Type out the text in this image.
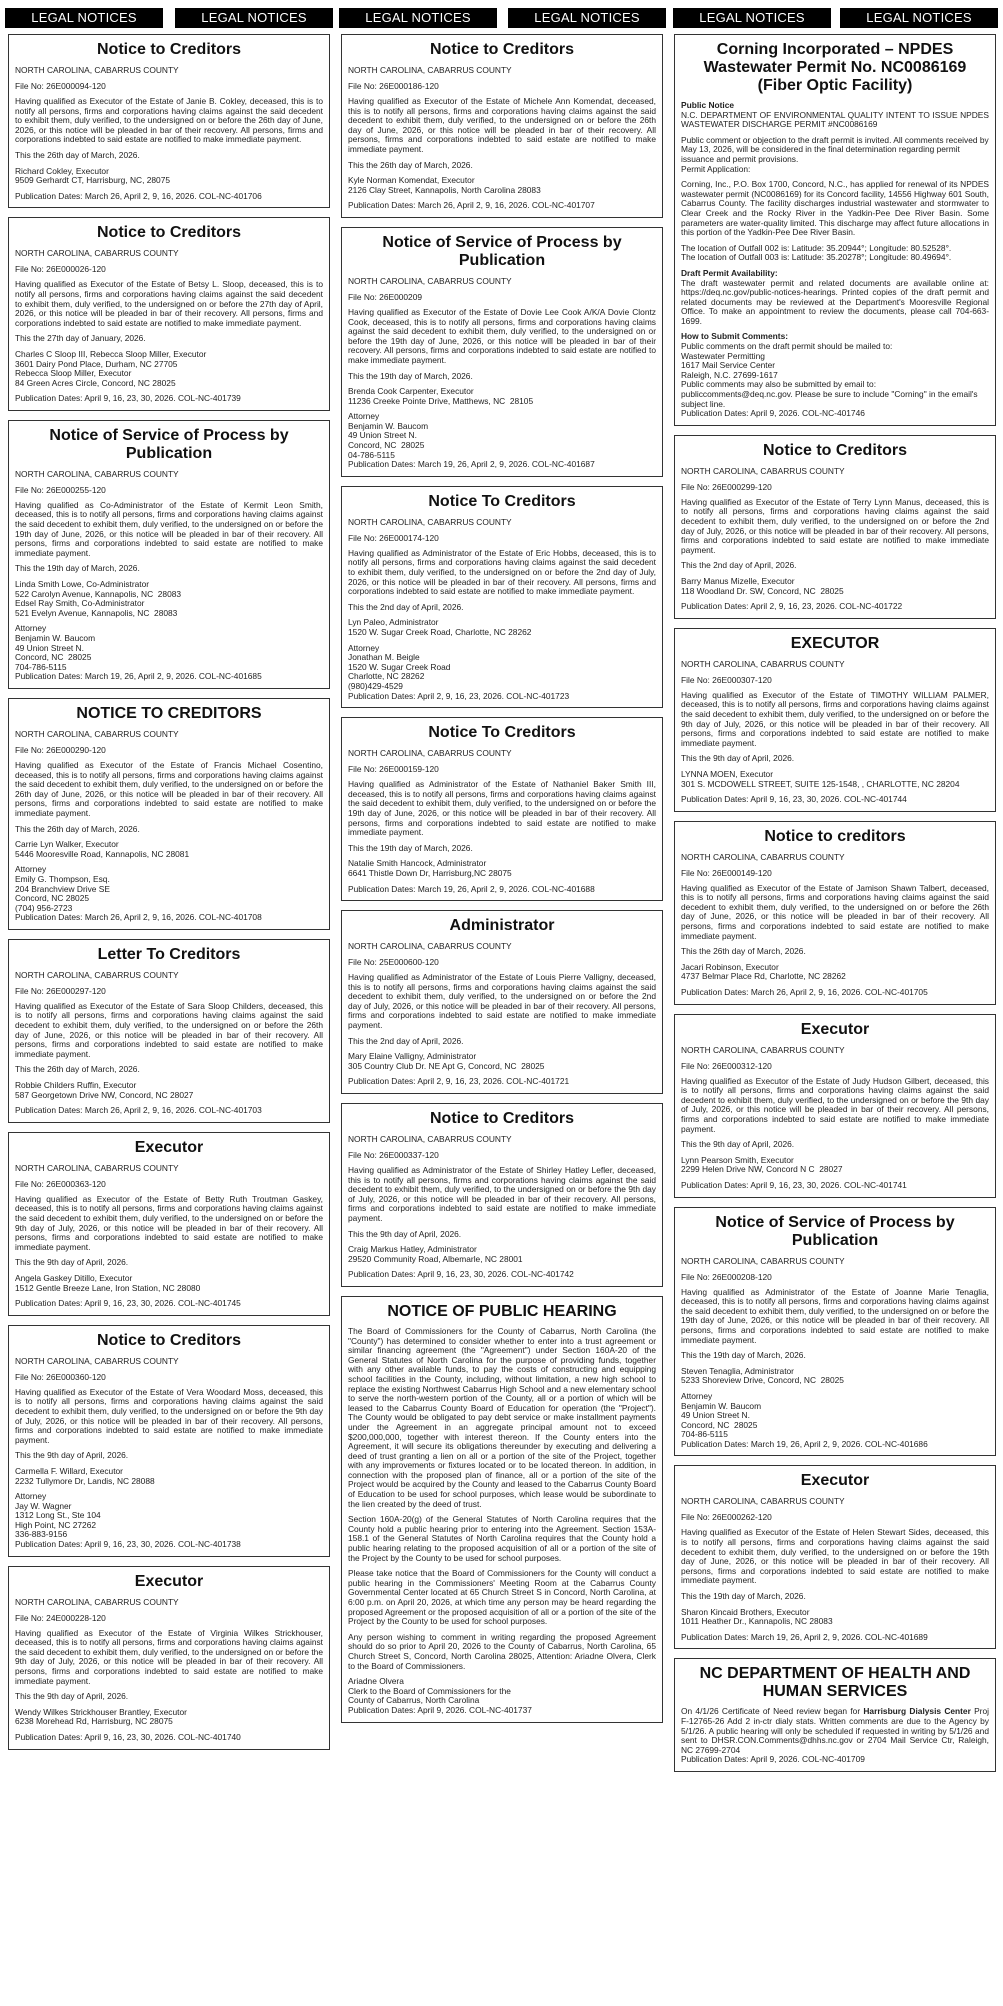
LEGAL NOTICES	LEGAL NOTICES	LEGAL NOTICES	LEGAL NOTICES	LEGAL NOTICES	LEGAL NOTICES
Notice to Creditors
NORTH CAROLINA, CABARRUS COUNTY
File No: 26E000094-120
Having qualified as Executor of the Estate of Janie B. Cokley, deceased, this is to notify all persons, firms and corporations having claims against the said decedent to exhibit them, duly verified, to the undersigned on or before the 26th day of June, 2026, or this notice will be pleaded in bar of their recovery. All persons, firms and corporations indebted to said estate are notified to make immediate payment.
This the 26th day of March, 2026.
Richard Cokley, Executor
9509 Gerhardt CT, Harrisburg, NC, 28075
Publication Dates: March 26, April 2, 9, 16, 2026. COL-NC-401706
Notice to Creditors
NORTH CAROLINA, CABARRUS COUNTY
File No: 26E000026-120
Having qualified as Executor of the Estate of Betsy L. Sloop, deceased, this is to notify all persons, firms and corporations having claims against the said decedent to exhibit them, duly verified, to the undersigned on or before the 27th day of April, 2026, or this notice will be pleaded in bar of their recovery. All persons, firms and corporations indebted to said estate are notified to make immediate payment.
This the 27th day of January, 2026.
Charles C Sloop III, Rebecca Sloop Miller, Executor
3601 Dairy Pond Place, Durham, NC 27705
Rebecca Sloop Miller, Executor
84 Green Acres Circle, Concord, NC 28025
Publication Dates: April 9, 16, 23, 30, 2026. COL-NC-401739
Notice of Service of Process by Publication
NORTH CAROLINA, CABARRUS COUNTY
File No: 26E000255-120
Having qualified as Co-Administrator of the Estate of Kermit Leon Smith, deceased, this is to notify all persons, firms and corporations having claims against the said decedent to exhibit them, duly verified, to the undersigned on or before the 19th day of June, 2026, or this notice will be pleaded in bar of their recovery. All persons, firms and corporations indebted to said estate are notified to make immediate payment.
This the 19th day of March, 2026.
Linda Smith Lowe, Co-Administrator
522 Carolyn Avenue, Kannapolis, NC  28083
Edsel Ray Smith, Co-Administrator
521 Evelyn Avenue, Kannapolis, NC  28083
Attorney
Benjamin W. Baucom
49 Union Street N.
Concord, NC  28025
704-786-5115
Publication Dates: March 19, 26, April 2, 9, 2026. COL-NC-401685
NOTICE TO CREDITORS
NORTH CAROLINA, CABARRUS COUNTY
File No: 26E000290-120
Having qualified as Executor of the Estate of Francis Michael Cosentino, deceased, this is to notify all persons, firms and corporations having claims against the said decedent to exhibit them, duly verified, to the undersigned on or before the 26th day of June, 2026, or this notice will be pleaded in bar of their recovery. All persons, firms and corporations indebted to said estate are notified to make immediate payment.
This the 26th day of March, 2026.
Carrie Lyn Walker, Executor
5446 Mooresville Road, Kannapolis, NC 28081
Attorney
Emily G. Thompson, Esq.
204 Branchview Drive SE
Concord, NC 28025
(704) 956-2723
Publication Dates: March 26, April 2, 9, 16, 2026. COL-NC-401708
Letter To Creditors
NORTH CAROLINA, CABARRUS COUNTY
File No: 26E000297-120
Having qualified as Executor of the Estate of Sara Sloop Childers, deceased, this is to notify all persons, firms and corporations having claims against the said decedent to exhibit them, duly verified, to the undersigned on or before the 26th day of June, 2026, or this notice will be pleaded in bar of their recovery. All persons, firms and corporations indebted to said estate are notified to make immediate payment.
This the 26th day of March, 2026.
Robbie Childers Ruffin, Executor
587 Georgetown Drive NW, Concord, NC 28027
Publication Dates: March 26, April 2, 9, 16, 2026. COL-NC-401703
Executor
NORTH CAROLINA, CABARRUS COUNTY
File No: 26E000363-120
Having qualified as Executor of the Estate of Betty Ruth Troutman Gaskey, deceased, this is to notify all persons, firms and corporations having claims against the said decedent to exhibit them, duly verified, to the undersigned on or before the 9th day of July, 2026, or this notice will be pleaded in bar of their recovery. All persons, firms and corporations indebted to said estate are notified to make immediate payment.
This the 9th day of April, 2026.
Angela Gaskey Ditillo, Executor
1512 Gentle Breeze Lane, Iron Station, NC 28080
Publication Dates: April 9, 16, 23, 30, 2026. COL-NC-401745
Notice to Creditors
NORTH CAROLINA, CABARRUS COUNTY
File No: 26E000360-120
Having qualified as Executor of the Estate of Vera Woodard Moss, deceased, this is to notify all persons, firms and corporations having claims against the said decedent to exhibit them, duly verified, to the undersigned on or before the 9th day of July, 2026, or this notice will be pleaded in bar of their recovery. All persons, firms and corporations indebted to said estate are notified to make immediate payment.
This the 9th day of April, 2026.
Carmella F. Willard, Executor
2232 Tullymore Dr, Landis, NC 28088
Attorney
Jay W. Wagner
1312 Long St., Ste 104
High Point, NC 27262
336-883-9156
Publication Dates: April 9, 16, 23, 30, 2026. COL-NC-401738
Executor
NORTH CAROLINA, CABARRUS COUNTY
File No: 24E000228-120
Having qualified as Executor of the Estate of Virginia Wilkes Strickhouser, deceased, this is to notify all persons, firms and corporations having claims against the said decedent to exhibit them, duly verified, to the undersigned on or before the 9th day of July, 2026, or this notice will be pleaded in bar of their recovery. All persons, firms and corporations indebted to said estate are notified to make immediate payment.
This the 9th day of April, 2026.
Wendy Wilkes Strickhouser Brantley, Executor
6238 Morehead Rd, Harrisburg, NC 28075
Publication Dates: April 9, 16, 23, 30, 2026. COL-NC-401740
Notice to Creditors
NORTH CAROLINA, CABARRUS COUNTY
File No: 26E000186-120
Having qualified as Executor of the Estate of Michele Ann Komendat, deceased, this is to notify all persons, firms and corporations having claims against the said decedent to exhibit them, duly verified, to the undersigned on or before the 26th day of June, 2026, or this notice will be pleaded in bar of their recovery. All persons, firms and corporations indebted to said estate are notified to make immediate payment.
This the 26th day of March, 2026.
Kyle Norman Komendat, Executor
2126 Clay Street, Kannapolis, North Carolina 28083
Publication Dates: March 26, April 2, 9, 16, 2026. COL-NC-401707
Notice of Service of Process by Publication
NORTH CAROLINA, CABARRUS COUNTY
File No: 26E000209
Having qualified as Executor of the Estate of Dovie Lee Cook A/K/A Dovie Clontz Cook, deceased, this is to notify all persons, firms and corporations having claims against the said decedent to exhibit them, duly verified, to the undersigned on or before the 19th day of June, 2026, or this notice will be pleaded in bar of their recovery. All persons, firms and corporations indebted to said estate are notified to make immediate payment.
This the 19th day of March, 2026.
Brenda Cook Carpenter, Executor
11236 Creeke Pointe Drive, Matthews, NC  28105
Attorney
Benjamin W. Baucom
49 Union Street N.
Concord, NC  28025
04-786-5115
Publication Dates: March 19, 26, April 2, 9, 2026. COL-NC-401687
Notice To Creditors
NORTH CAROLINA, CABARRUS COUNTY
File No: 26E000174-120
Having qualified as Administrator of the Estate of Eric Hobbs, deceased, this is to notify all persons, firms and corporations having claims against the said decedent to exhibit them, duly verified, to the undersigned on or before the 2nd day of July, 2026, or this notice will be pleaded in bar of their recovery. All persons, firms and corporations indebted to said estate are notified to make immediate payment.
This the 2nd day of April, 2026.
Lyn Paleo, Administrator
1520 W. Sugar Creek Road, Charlotte, NC 28262
Attorney
Jonathan M. Beigle
1520 W. Sugar Creek Road
Charlotte, NC 28262
(980)429-4529
Publication Dates: April 2, 9, 16, 23, 2026. COL-NC-401723
Notice To Creditors
NORTH CAROLINA, CABARRUS COUNTY
File No: 26E000159-120
Having qualified as Administrator of the Estate of Nathaniel Baker Smith III, deceased, this is to notify all persons, firms and corporations having claims against the said decedent to exhibit them, duly verified, to the undersigned on or before the 19th day of June, 2026, or this notice will be pleaded in bar of their recovery. All persons, firms and corporations indebted to said estate are notified to make immediate payment.
This the 19th day of March, 2026.
Natalie Smith Hancock, Administrator
6641 Thistle Down Dr, Harrisburg,NC 28075
Publication Dates: March 19, 26, April 2, 9, 2026. COL-NC-401688
Administrator
NORTH CAROLINA, CABARRUS COUNTY
File No: 25E000600-120
Having qualified as Administrator of the Estate of Louis Pierre Valligny, deceased, this is to notify all persons, firms and corporations having claims against the said decedent to exhibit them, duly verified, to the undersigned on or before the 2nd day of July, 2026, or this notice will be pleaded in bar of their recovery. All persons, firms and corporations indebted to said estate are notified to make immediate payment.
This the 2nd day of April, 2026.
Mary Elaine Valligny, Administrator
305 Country Club Dr. NE Apt G, Concord, NC  28025
Publication Dates: April 2, 9, 16, 23, 2026. COL-NC-401721
Notice to Creditors
NORTH CAROLINA, CABARRUS COUNTY
File No: 26E000337-120
Having qualified as Administrator of the Estate of Shirley Hatley Lefler, deceased, this is to notify all persons, firms and corporations having claims against the said decedent to exhibit them, duly verified, to the undersigned on or before the 9th day of July, 2026, or this notice will be pleaded in bar of their recovery. All persons, firms and corporations indebted to said estate are notified to make immediate payment.
This the 9th day of April, 2026.
Craig Markus Hatley, Administrator
29520 Community Road, Albemarle, NC 28001
Publication Dates: April 9, 16, 23, 30, 2026. COL-NC-401742
NOTICE OF PUBLIC HEARING
The Board of Commissioners for the County of Cabarrus, North Carolina (the "County") has determined to consider whether to enter into a trust agreement or similar financing agreement (the "Agreement") under Section 160A-20 of the General Statutes of North Carolina for the purpose of providing funds, together with any other available funds, to pay the costs of constructing and equipping school facilities in the County, including, without limitation, a new high school to replace the existing Northwest Cabarrus High School and a new elementary school to serve the north-western portion of the County, all or a portion of which will be leased to the Cabarrus County Board of Education for operation (the "Project"). The County would be obligated to pay debt service or make installment payments under the Agreement in an aggregate principal amount not to exceed $200,000,000, together with interest thereon. If the County enters into the Agreement, it will secure its obligations thereunder by executing and delivering a deed of trust granting a lien on all or a portion of the site of the Project, together with any improvements or fixtures located or to be located thereon. In addition, in connection with the proposed plan of finance, all or a portion of the site of the Project would be acquired by the County and leased to the Cabarrus County Board of Education to be used for school purposes, which lease would be subordinate to the lien created by the deed of trust.
Section 160A-20(g) of the General Statutes of North Carolina requires that the County hold a public hearing prior to entering into the Agreement. Section 153A-158.1 of the General Statutes of North Carolina requires that the County hold a public hearing relating to the proposed acquisition of all or a portion of the site of the Project by the County to be used for school purposes.
Please take notice that the Board of Commissioners for the County will conduct a public hearing in the Commissioners' Meeting Room at the Cabarrus County Governmental Center located at 65 Church Street S in Concord, North Carolina, at 6:00 p.m. on April 20, 2026, at which time any person may be heard regarding the proposed Agreement or the proposed acquisition of all or a portion of the site of the Project by the County to be used for school purposes.
Any person wishing to comment in writing regarding the proposed Agreement should do so prior to April 20, 2026 to the County of Cabarrus, North Carolina, 65 Church Street S, Concord, North Carolina 28025, Attention: Ariadne Olvera, Clerk to the Board of Commissioners.
Ariadne Olvera
Clerk to the Board of Commissioners for the
County of Cabarrus, North Carolina
Publication Dates: April 9, 2026. COL-NC-401737
Corning Incorporated – NPDES Wastewater Permit No. NC0086169 (Fiber Optic Facility)
Public Notice
N.C. DEPARTMENT OF ENVIRONMENTAL QUALITY INTENT TO ISSUE NPDES WASTEWATER DISCHARGE PERMIT #NC0086169
Public comment or objection to the draft permit is invited. All comments received by May 13, 2026, will be considered in the final determination regarding permit issuance and permit provisions.
Permit Application:
Corning, Inc., P.O. Box 1700, Concord, N.C., has applied for renewal of its NPDES wastewater permit (NC0086169) for its Concord facility, 14556 Highway 601 South, Cabarrus County. The facility discharges industrial wastewater and stormwater to Clear Creek and the Rocky River in the Yadkin-Pee Dee River Basin. Some parameters are water-quality limited. This discharge may affect future allocations in this portion of the Yadkin-Pee Dee River Basin.
The location of Outfall 002 is: Latitude: 35.20944°; Longitude: 80.52528°.
The location of Outfall 003 is: Latitude: 35.20278°; Longitude: 80.49694°.
Draft Permit Availability:
The draft wastewater permit and related documents are available online at: https://deq.nc.gov/public-notices-hearings. Printed copies of the draft permit and related documents may be reviewed at the Department's Mooresville Regional Office. To make an appointment to review the documents, please call 704-663-1699.
How to Submit Comments:
Public comments on the draft permit should be mailed to:
Wastewater Permitting
1617 Mail Service Center
Raleigh, N.C. 27699-1617
Public comments may also be submitted by email to: publiccomments@deq.nc.gov. Please be sure to include "Corning" in the email's subject line.
Publication Dates: April 9, 2026. COL-NC-401746
Notice to Creditors
NORTH CAROLINA, CABARRUS COUNTY
File No: 26E000299-120
Having qualified as Executor of the Estate of Terry Lynn Manus, deceased, this is to notify all persons, firms and corporations having claims against the said decedent to exhibit them, duly verified, to the undersigned on or before the 2nd day of July, 2026, or this notice will be pleaded in bar of their recovery. All persons, firms and corporations indebted to said estate are notified to make immediate payment.
This the 2nd day of April, 2026.
Barry Manus Mizelle, Executor
118 Woodland Dr. SW, Concord, NC  28025
Publication Dates: April 2, 9, 16, 23, 2026. COL-NC-401722
EXECUTOR
NORTH CAROLINA, CABARRUS COUNTY
File No: 26E000307-120
Having qualified as Executor of the Estate of TIMOTHY WILLIAM PALMER, deceased, this is to notify all persons, firms and corporations having claims against the said decedent to exhibit them, duly verified, to the undersigned on or before the 9th day of July, 2026, or this notice will be pleaded in bar of their recovery. All persons, firms and corporations indebted to said estate are notified to make immediate payment.
This the 9th day of April, 2026.
LYNNA MOEN, Executor
301 S. MCDOWELL STREET, SUITE 125-1548, , CHARLOTTE, NC 28204
Publication Dates: April 9, 16, 23, 30, 2026. COL-NC-401744
Notice to creditors
NORTH CAROLINA, CABARRUS COUNTY
File No: 26E000149-120
Having qualified as Executor of the Estate of Jamison Shawn Talbert, deceased, this is to notify all persons, firms and corporations having claims against the said decedent to exhibit them, duly verified, to the undersigned on or before the 26th day of June, 2026, or this notice will be pleaded in bar of their recovery. All persons, firms and corporations indebted to said estate are notified to make immediate payment.
This the 26th day of March, 2026.
Jacari Robinson, Executor
4737 Belmar Place Rd, Charlotte, NC 28262
Publication Dates: March 26, April 2, 9, 16, 2026. COL-NC-401705
Executor
NORTH CAROLINA, CABARRUS COUNTY
File No: 26E000312-120
Having qualified as Executor of the Estate of Judy Hudson Gilbert, deceased, this is to notify all persons, firms and corporations having claims against the said decedent to exhibit them, duly verified, to the undersigned on or before the 9th day of July, 2026, or this notice will be pleaded in bar of their recovery. All persons, firms and corporations indebted to said estate are notified to make immediate payment.
This the 9th day of April, 2026.
Lynn Pearson Smith, Executor
2299 Helen Drive NW, Concord N C  28027
Publication Dates: April 9, 16, 23, 30, 2026. COL-NC-401741
Notice of Service of Process by Publication
NORTH CAROLINA, CABARRUS COUNTY
File No: 26E000208-120
Having qualified as Administrator of the Estate of Joanne Marie Tenaglia, deceased, this is to notify all persons, firms and corporations having claims against the said decedent to exhibit them, duly verified, to the undersigned on or before the 19th day of June, 2026, or this notice will be pleaded in bar of their recovery. All persons, firms and corporations indebted to said estate are notified to make immediate payment.
This the 19th day of March, 2026.
Steven Tenaglia, Administrator
5233 Shoreview Drive, Concord, NC  28025
Attorney
Benjamin W. Baucom
49 Union Street N.
Concord, NC  28025
704-86-5115
Publication Dates: March 19, 26, April 2, 9, 2026. COL-NC-401686
Executor
NORTH CAROLINA, CABARRUS COUNTY
File No: 26E000262-120
Having qualified as Executor of the Estate of Helen Stewart Sides, deceased, this is to notify all persons, firms and corporations having claims against the said decedent to exhibit them, duly verified, to the undersigned on or before the 19th day of June, 2026, or this notice will be pleaded in bar of their recovery. All persons, firms and corporations indebted to said estate are notified to make immediate payment.
This the 19th day of March, 2026.
Sharon Kincaid Brothers, Executor
1011 Heather Dr., Kannapolis, NC 28083
Publication Dates: March 19, 26, April 2, 9, 2026. COL-NC-401689
NC DEPARTMENT OF HEALTH AND HUMAN SERVICES
On 4/1/26 Certificate of Need review began for Harrisburg Dialysis Center Proj F-12765-26 Add 2 in-ctr dialy stats. Written comments are due to the Agency by 5/1/26. A public hearing will only be scheduled if requested in writing by 5/1/26 and sent to DHSR.CON.Comments@dhhs.nc.gov or 2704 Mail Service Ctr, Raleigh, NC 27699-2704
Publication Dates: April 9, 2026. COL-NC-401709
